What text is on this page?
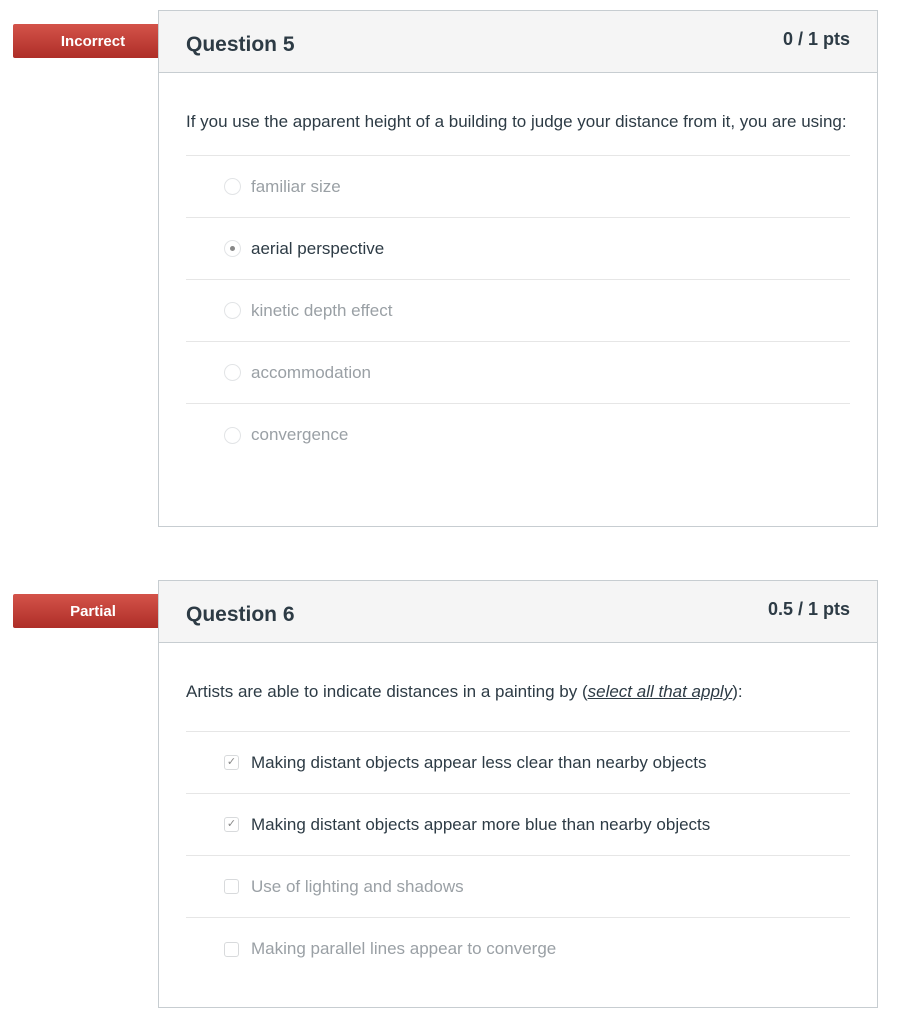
Incorrect	Question 5	0 / 1 pts
If you use the apparent height of a building to judge your distance from it, you are using:
familiar size
aerial perspective
kinetic depth effect
accommodation
convergence
Partial	Question 6	0.5 / 1 pts
Artists are able to indicate distances in a painting by (select all that apply):
✓ Making distant objects appear less clear than nearby objects
✓ Making distant objects appear more blue than nearby objects
Use of lighting and shadows
Making parallel lines appear to converge
